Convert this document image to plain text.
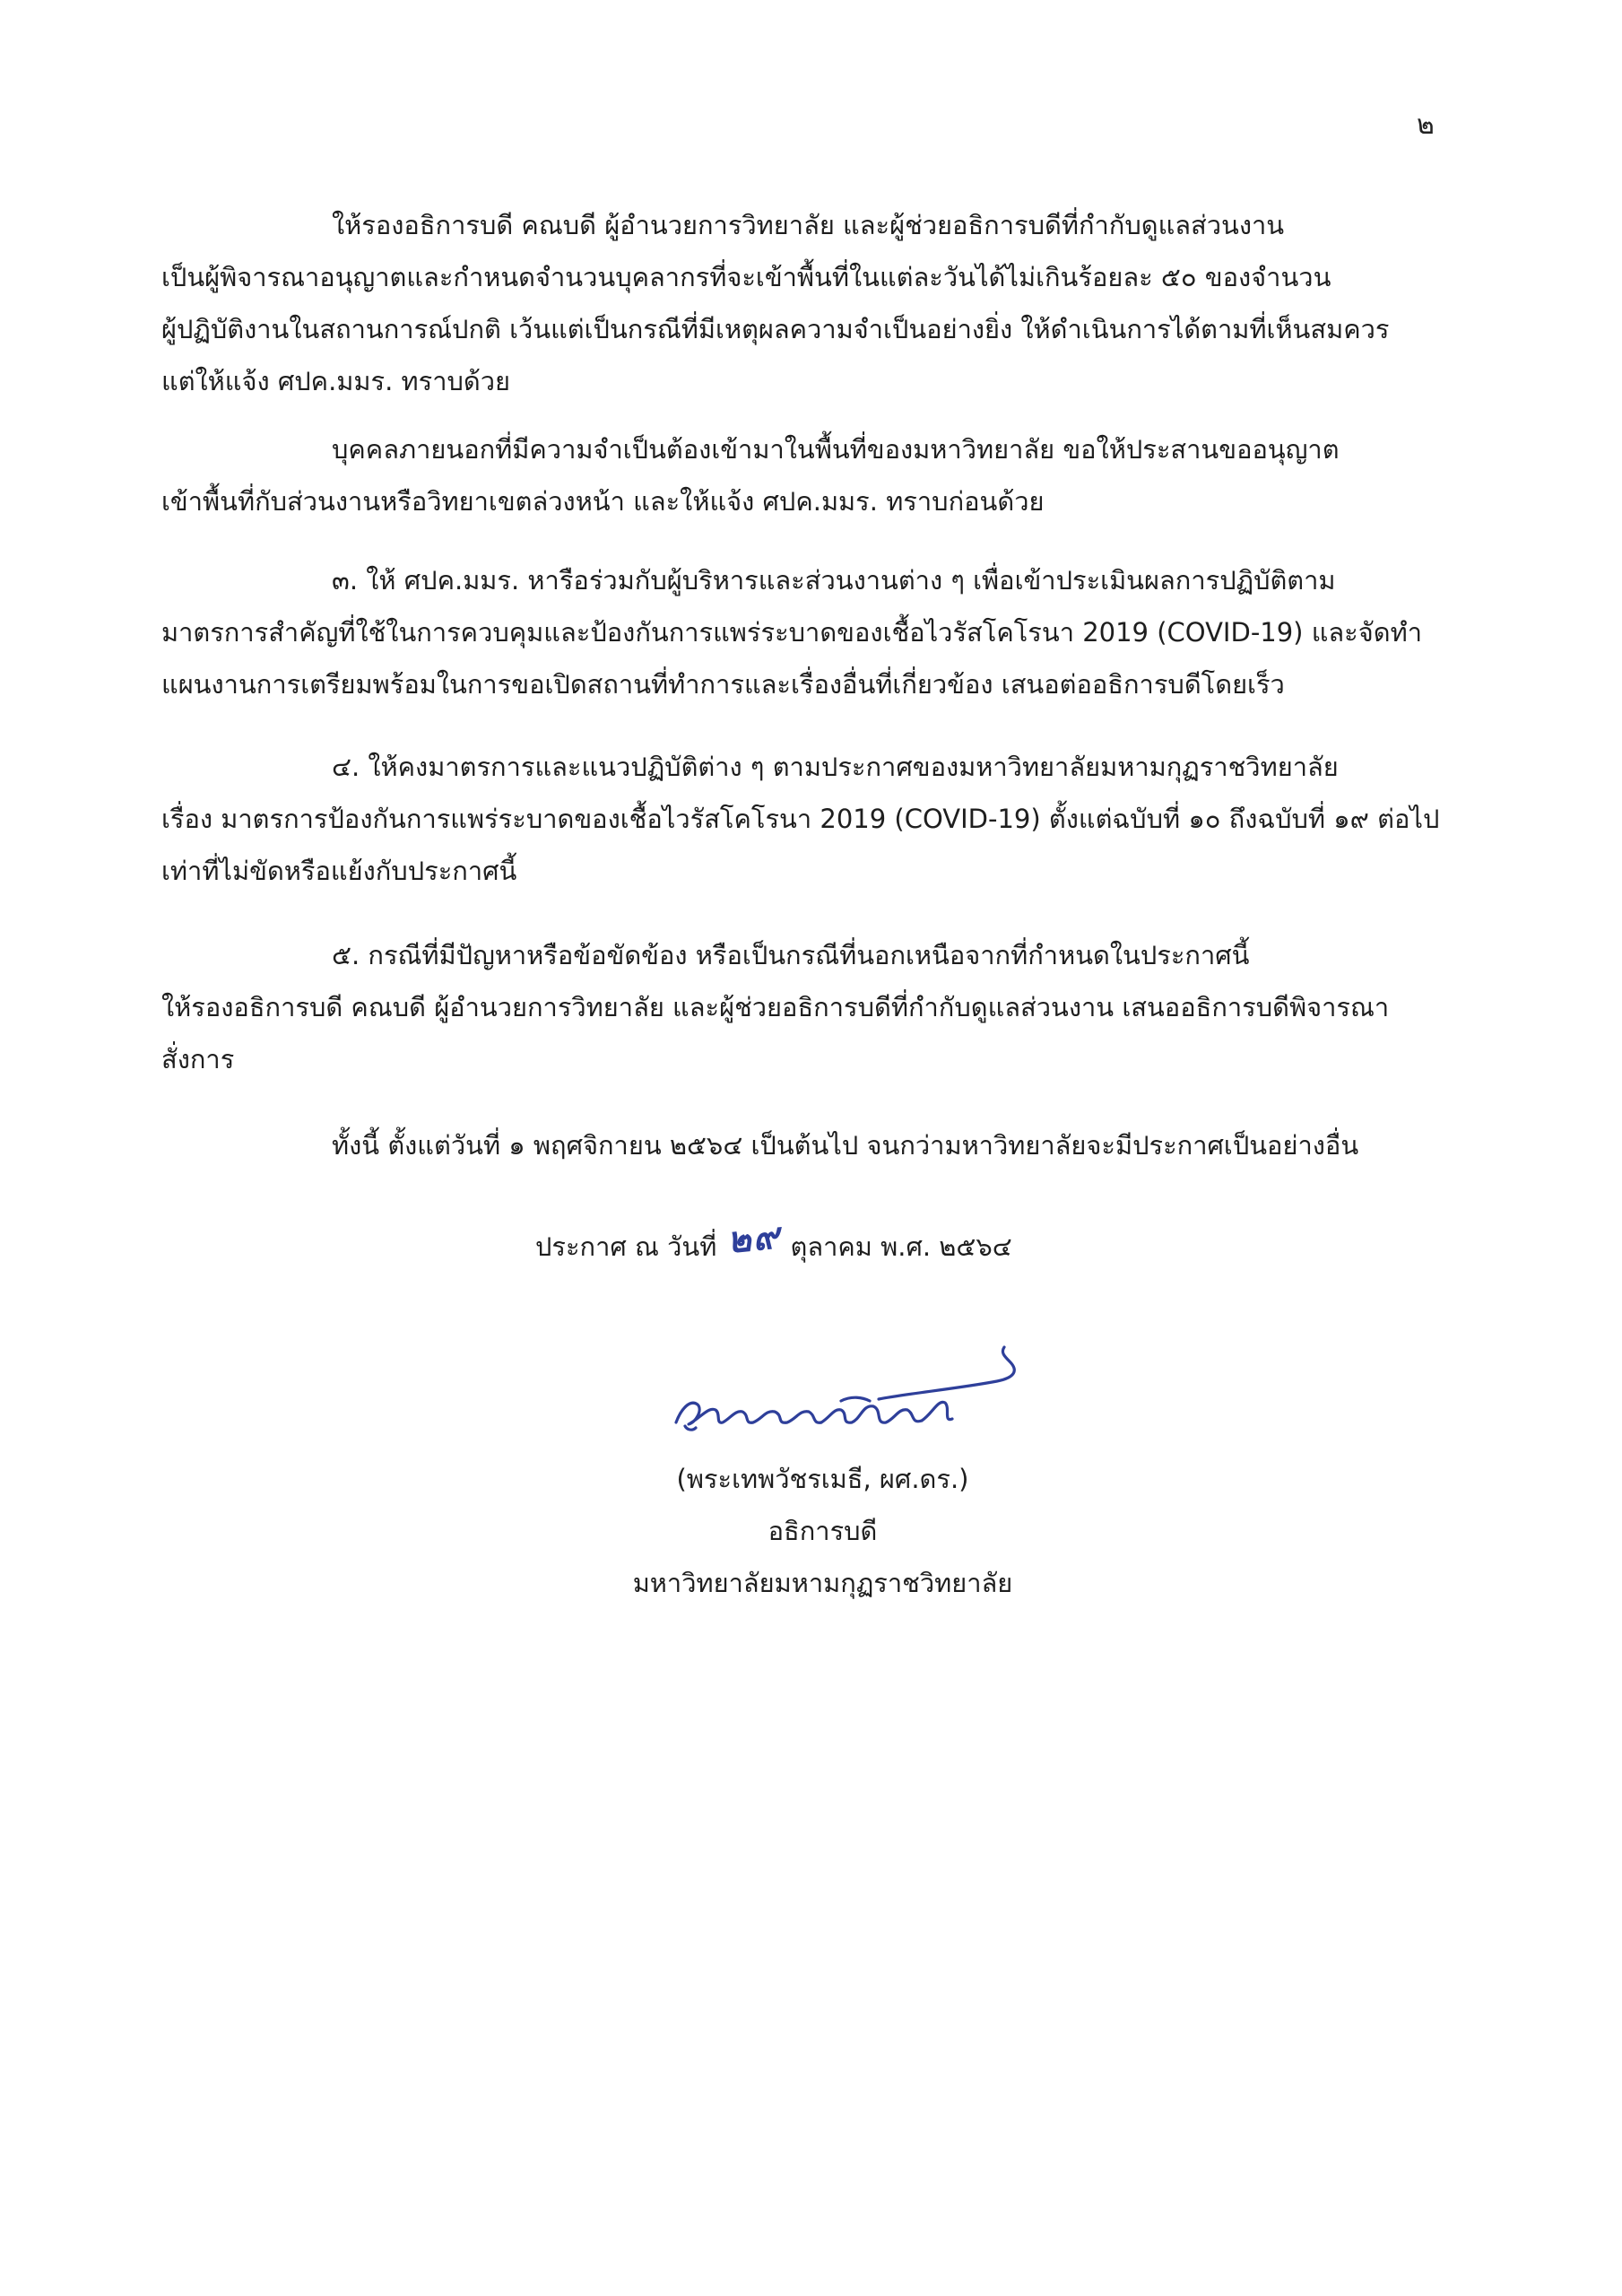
๒
ให้รองอธิการบดี คณบดี ผู้อำนวยการวิทยาลัย และผู้ช่วยอธิการบดีที่กำกับดูแลส่วนงาน
เป็นผู้พิจารณาอนุญาตและกำหนดจำนวนบุคลากรที่จะเข้าพื้นที่ในแต่ละวันได้ไม่เกินร้อยละ ๕๐ ของจำนวน
ผู้ปฏิบัติงานในสถานการณ์ปกติ เว้นแต่เป็นกรณีที่มีเหตุผลความจำเป็นอย่างยิ่ง ให้ดำเนินการได้ตามที่เห็นสมควร
แต่ให้แจ้ง ศปค.มมร. ทราบด้วย
บุคคลภายนอกที่มีความจำเป็นต้องเข้ามาในพื้นที่ของมหาวิทยาลัย ขอให้ประสานขออนุญาต
เข้าพื้นที่กับส่วนงานหรือวิทยาเขตล่วงหน้า และให้แจ้ง ศปค.มมร. ทราบก่อนด้วย
๓. ให้ ศปค.มมร. หารือร่วมกับผู้บริหารและส่วนงานต่าง ๆ เพื่อเข้าประเมินผลการปฏิบัติตาม
มาตรการสำคัญที่ใช้ในการควบคุมและป้องกันการแพร่ระบาดของเชื้อไวรัสโคโรนา 2019 (COVID-19) และจัดทำ
แผนงานการเตรียมพร้อมในการขอเปิดสถานที่ทำการและเรื่องอื่นที่เกี่ยวข้อง เสนอต่ออธิการบดีโดยเร็ว
๔. ให้คงมาตรการและแนวปฏิบัติต่าง ๆ ตามประกาศของมหาวิทยาลัยมหามกุฏราชวิทยาลัย
เรื่อง มาตรการป้องกันการแพร่ระบาดของเชื้อไวรัสโคโรนา 2019 (COVID-19) ตั้งแต่ฉบับที่ ๑๐ ถึงฉบับที่ ๑๙ ต่อไป
เท่าที่ไม่ขัดหรือแย้งกับประกาศนี้
๕. กรณีที่มีปัญหาหรือข้อขัดข้อง หรือเป็นกรณีที่นอกเหนือจากที่กำหนดในประกาศนี้
ให้รองอธิการบดี คณบดี ผู้อำนวยการวิทยาลัย และผู้ช่วยอธิการบดีที่กำกับดูแลส่วนงาน เสนออธิการบดีพิจารณา
สั่งการ
ทั้งนี้ ตั้งแต่วันที่ ๑ พฤศจิกายน ๒๕๖๔ เป็นต้นไป จนกว่ามหาวิทยาลัยจะมีประกาศเป็นอย่างอื่น
ประกาศ ณ วันที่ ๒๙ ตุลาคม พ.ศ. ๒๕๖๔
(พระเทพวัชรเมธี, ผศ.ดร.)
อธิการบดี
มหาวิทยาลัยมหามกุฏราชวิทยาลัย
